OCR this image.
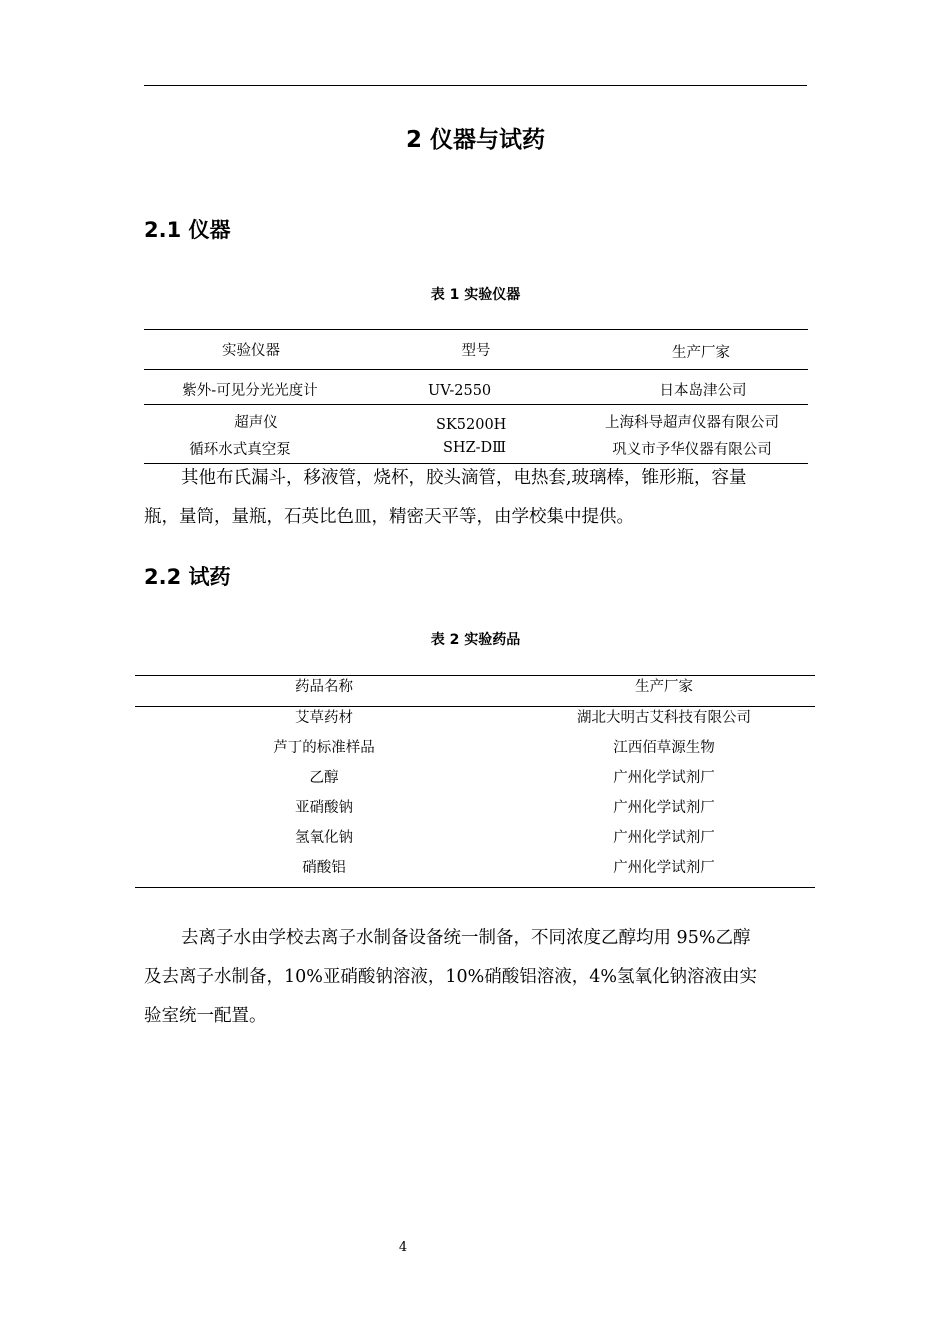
2 仪器与试药
2.1 仪器
表 1 实验仪器
实验仪器	型号	生产厂家
紫外-可见分光光度计	UV-2550	日本岛津公司
超声仪	SK5200H	上海科导超声仪器有限公司
循环水式真空泵	SHZ-DⅢ	巩义市予华仪器有限公司
其他布氏漏斗，移液管，烧杯，胶头滴管，电热套,玻璃棒，锥形瓶，容量
瓶，量筒，量瓶，石英比色皿，精密天平等，由学校集中提供。
2.2 试药
表 2 实验药品
药品名称	生产厂家
艾草药材	湖北大明古艾科技有限公司
芦丁的标准样品	江西佰草源生物
乙醇	广州化学试剂厂
亚硝酸钠	广州化学试剂厂
氢氧化钠	广州化学试剂厂
硝酸铝	广州化学试剂厂
去离子水由学校去离子水制备设备统一制备，不同浓度乙醇均用 95%乙醇
及去离子水制备，10%亚硝酸钠溶液，10%硝酸铝溶液，4%氢氧化钠溶液由实
验室统一配置。
4
